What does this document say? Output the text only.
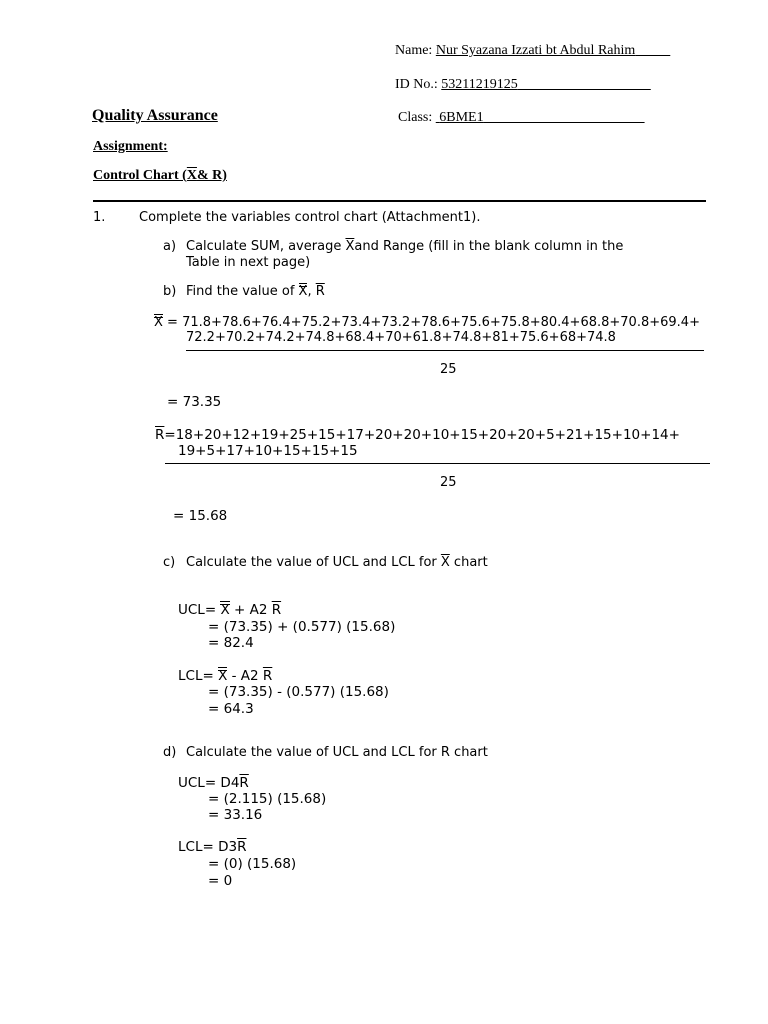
Name: Nur Syazana Izzati bt Abdul Rahim
ID No.: 53211219125
Quality Assurance	Class: 6BME1
Assignment:
Control Chart (X& R)
1.	Complete the variables control chart (Attachment1).
a) Calculate SUM, average $\overline{X}and$ Range (fill in the blank column in the
Table in next page)
b) Find the value of X, $\overline{R}$
X = 71.8+78.6+76.4+75.2+73.4+73.2+78.6+75.6+75.8+80.4+68.8+70.8+69.4+
72.2+70.2+74.2+74.8+68.4+70+61.8+74.8+81+75.6+68+74.8
25
= 73.35
$\overline{R}=18+20+12+19+25+15+17+20+20+10+15+20+20+5+21+15+10+14+$
19+5+17+10+15+15+15
25
= 15.68
c) Calculate the value of UCL and LCL for $\overline{X}$ chart
UCL= X + A2 $\overline{R}$
= (73.35) + (0.577) (15.68)
= 82.4
LCL= X - A2 $\overline{R}$
= (73.35) - (0.577) (15.68)
= 64.3
d) Calculate the value of UCL and LCL for R chart
$UCL= D4\overline{R}$
= (2.115) (15.68)
= 33.16
$LCL= D3\overline{R}$
= (0) (15.68)
= 0
